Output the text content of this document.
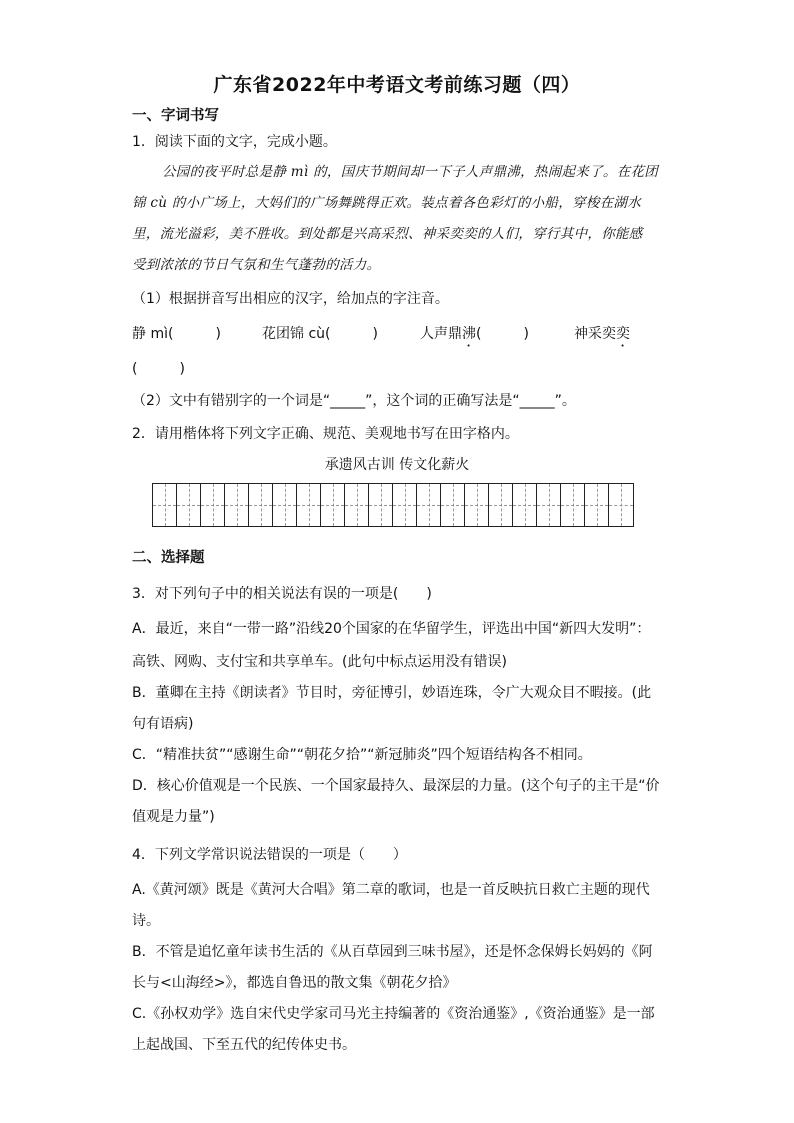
广东省2022年中考语文考前练习题（四）
一、字词书写
1．阅读下面的文字，完成小题。
公园的夜平时总是静 mì 的，国庆节期间却一下子人声鼎沸，热闹起来了。在花团
锦 cù 的小广场上，大妈们的广场舞跳得正欢。装点着各色彩灯的小船，穿梭在湖水
里，流光溢彩，美不胜收。到处都是兴高采烈、神采奕奕的人们，穿行其中，你能感
受到浓浓的节日气氛和生气蓬勃的活力。
（1）根据拼音写出相应的汉字，给加点的字注音。
静 mì(　　　)	花团锦 cù(　　　)	人声鼎沸(　　　)	神采奕奕
(　　　)
（2）文中有错别字的一个词是“_____”，这个词的正确写法是“_____”。
2．请用楷体将下列文字正确、规范、美观地书写在田字格内。
承遗风古训 传文化薪火
二、选择题
3．对下列句子中的相关说法有误的一项是(　　)
A．最近，来自“一带一路”沿线20个国家的在华留学生，评选出中国“新四大发明”：
高铁、网购、支付宝和共享单车。(此句中标点运用没有错误)
B．董卿在主持《朗读者》节目时，旁征博引，妙语连珠，令广大观众目不暇接。(此
句有语病)
C．“精准扶贫”“感谢生命”“朝花夕拾”“新冠肺炎”四个短语结构各不相同。
D．核心价值观是一个民族、一个国家最持久、最深层的力量。(这个句子的主干是“价
值观是力量”)
4．下列文学常识说法错误的一项是（　　）
A.《黄河颂》既是《黄河大合唱》第二章的歌词，也是一首反映抗日救亡主题的现代
诗。
B．不管是追忆童年读书生活的《从百草园到三味书屋》，还是怀念保姆长妈妈的《阿
长与<山海经>》，都选自鲁迅的散文集《朝花夕拾》
C.《孙权劝学》选自宋代史学家司马光主持编著的《资治通鉴》,《资治通鉴》是一部
上起战国、下至五代的纪传体史书。
